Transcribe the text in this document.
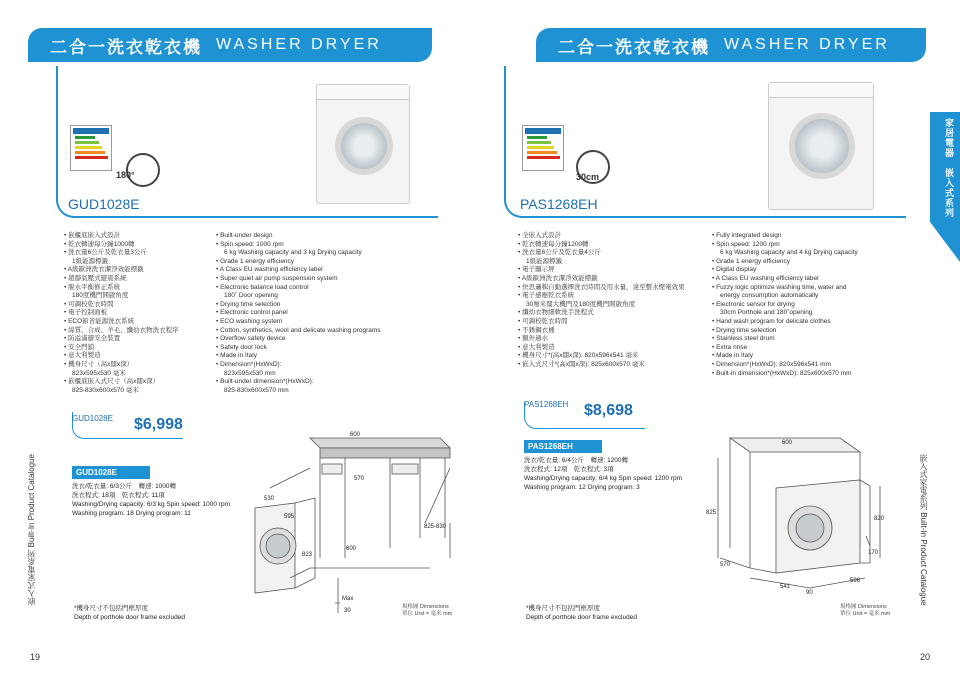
二合一洗衣乾衣機 WASHER DRYER
180°
GUD1028E
• 嵌櫃底嵌入式設計
• 乾衣轉速每分鐘1000轉
• 洗衣量6公斤及乾衣量3公斤
1級能源標籤
• A級歐洲洗衣潔淨效能標籤
• 超靜氣壓式避震系統
• 脫水平衡修正系統
180度機門開啟角度
• 可調校乾衣時間
• 電子控制面板
• ECO節省能源洗衣系統
• 綿質、合成、羊毛、纖幼衣物洗衣程序
• 防溢滿避安全裝置
• 安全門鎖
• 意大利製造
• 機身尺寸（高x闊x深）
823x595x530 毫米
• 嵌櫃底嵌入式尺寸（高x闊x深）
825-830x600x570 毫米
• Built-under design
• Spin speed: 1000 rpm
6 kg Washing capacity and 3 kg Drying capacity
• Grade 1 energy efficiency
• A Class EU washing efficiency label
• Super quiet air pump suspension system
• Electronic balance load control
180˚ Door opening
• Drying time selection
• Electronic control panel
• ECO washing system
• Cotton, synthetics, wool and delicate washing programs
• Overflow safety device
• Safety door lock
• Made in Italy
• Dimension*(HxWxD):
823x595x530 mm
• Built-under dimension*(HxWxD):
825-830x600x570 mm
GUD1028E $6,998
GUD1028E
洗衣/乾衣量: 6/3公斤　轉速: 1000轉
洗衣程式: 18項　乾衣程式: 11項
Washing/Drying capacity: 6/3 kg Spin speed: 1000 rpm
Washing program: 18 Drying program: 11
600
570
530
595
823
600
825-830
30
Max
*機身尺寸不包括門框厚度
Depth of porthole door frame excluded
規格圖 Dimensions
單位 Unit = 毫米 mm
嵌入式家電系列 Built-In Product Catalogue
19
二合一洗衣乾衣機 WASHER DRYER
家居電器　嵌入式系列
30cm
PAS1268EH
• 全嵌入式設計
• 乾衣轉速每分鐘1200轉
• 洗衣量6公斤及乾衣量4公斤
1級能源標籤
• 電子顯示屏
• A級歐洲洗衣潔淨效能標籤
• 快思邏輯自動選擇洗衣時間及用水量，達至整水慳電效果
• 電子感應乾衣系統
30厘米闊大機門及180度機門開啟角度
• 纖幼衣物細軟洗手洗程式
• 可調校乾衣時間
• 不銹鋼衣桶
• 額外過水
• 意大利製造
• 機身尺寸*(高x闊x深): 820x596x541 毫米
• 嵌入式尺寸*(高x闊x深): 825x600x570 毫米
• Fully integrated design
• Spin speed: 1200 rpm
6 kg Washing capacity and 4 kg Drying capacity
• Grade 1 energy efficiency
• Digital display
• A Class EU washing efficiency label
• Fuzzy logic optimize washing time, water and
energy consumption automatically
• Electronic sensor for drying
30cm Porthole and 180˚opening
• Hand wash program for delicate clothes
• Drying time selection
• Stainless steel drum
• Extra rinse
• Made in Italy
• Dimension*(HxWxD): 820x596x541 mm
• Built-in dimension*(HxWxD): 825x600x570 mm
PAS1268EH $8,698
PAS1268EH
洗衣/乾衣量: 6/4公斤　轉速: 1200轉
洗衣程式: 12項　乾衣程式: 3項
Washing/Drying capacity: 6/4 kg Spin speed: 1200 rpm
Washing program: 12 Drying program: 3
600
825
570
541
90
596
820
170
*機身尺寸不包括門框厚度
Depth of porthole door frame excluded
規格圖 Dimensions
單位 Unit = 毫米 mm
嵌入式家電系列 Built-In Product Catalogue
20
